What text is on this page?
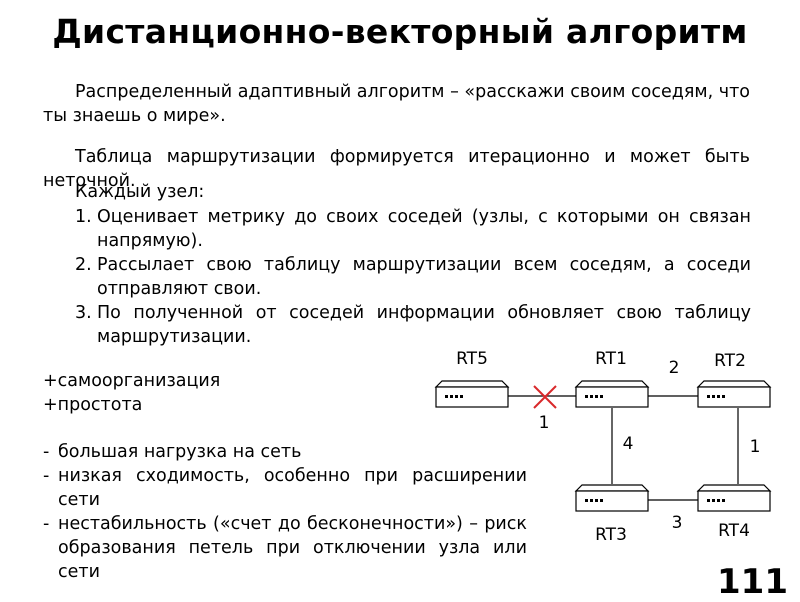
Дистанционно-векторный алгоритм
Распределенный адаптивный алгоритм – «расскажи своим соседям, что ты знаешь о мире».
Таблица маршрутизации формируется итерационно и может быть неточной.
Каждый узел:
1. Оценивает метрику до своих соседей (узлы, с которыми он связан напрямую).
2. Рассылает свою таблицу маршрутизации всем соседям, а соседи отправляют свои.
3. По полученной от соседей информации обновляет свою таблицу маршрутизации.
+самоорганизация
+простота
- большая нагрузка на сеть
- низкая сходимость, особенно при расширении сети
- нестабильность («счет до бесконечности») – риск образования петель при отключении узла или сети
RT5	RT1	RT2
RT3	RT4
1
2
4	1
3
111
